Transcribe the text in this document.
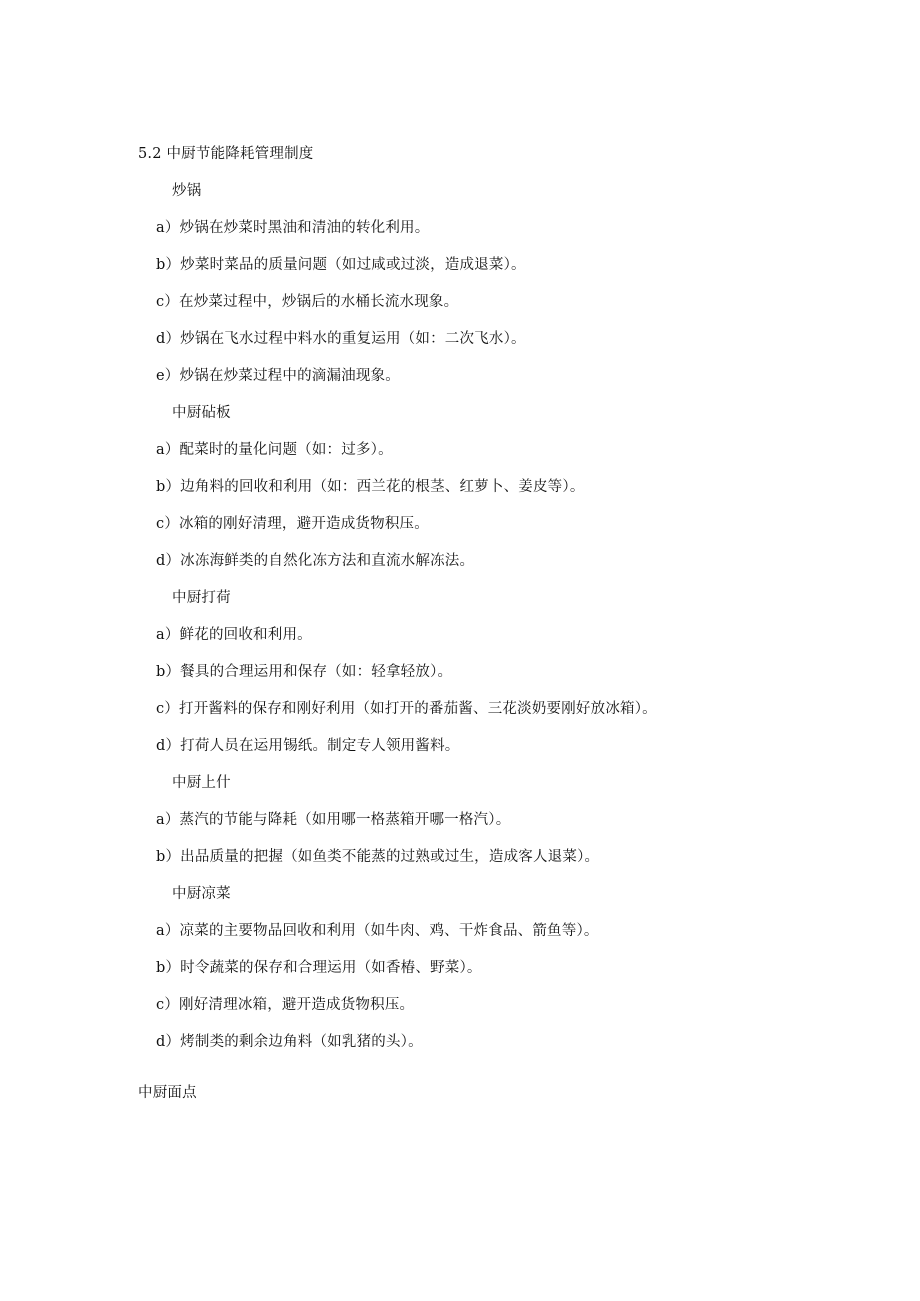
5.2 中厨节能降耗管理制度
炒锅
a）炒锅在炒菜时黑油和清油的转化利用。
b）炒菜时菜品的质量问题（如过咸或过淡，造成退菜）。
c）在炒菜过程中，炒锅后的水桶长流水现象。
d）炒锅在飞水过程中料水的重复运用（如：二次飞水）。
e）炒锅在炒菜过程中的滴漏油现象。
中厨砧板
a）配菜时的量化问题（如：过多）。
b）边角料的回收和利用（如：西兰花的根茎、红萝卜、姜皮等）。
c）冰箱的刚好清理，避开造成货物积压。
d）冰冻海鲜类的自然化冻方法和直流水解冻法。
中厨打荷
a）鲜花的回收和利用。
b）餐具的合理运用和保存（如：轻拿轻放）。
c）打开酱料的保存和刚好利用（如打开的番茄酱、三花淡奶要刚好放冰箱）。
d）打荷人员在运用锡纸。制定专人领用酱料。
中厨上什
a）蒸汽的节能与降耗（如用哪一格蒸箱开哪一格汽）。
b）出品质量的把握（如鱼类不能蒸的过熟或过生，造成客人退菜）。
中厨凉菜
a）凉菜的主要物品回收和利用（如牛肉、鸡、干炸食品、箭鱼等）。
b）时令蔬菜的保存和合理运用（如香椿、野菜）。
c）刚好清理冰箱，避开造成货物积压。
d）烤制类的剩余边角料（如乳猪的头）。
中厨面点
